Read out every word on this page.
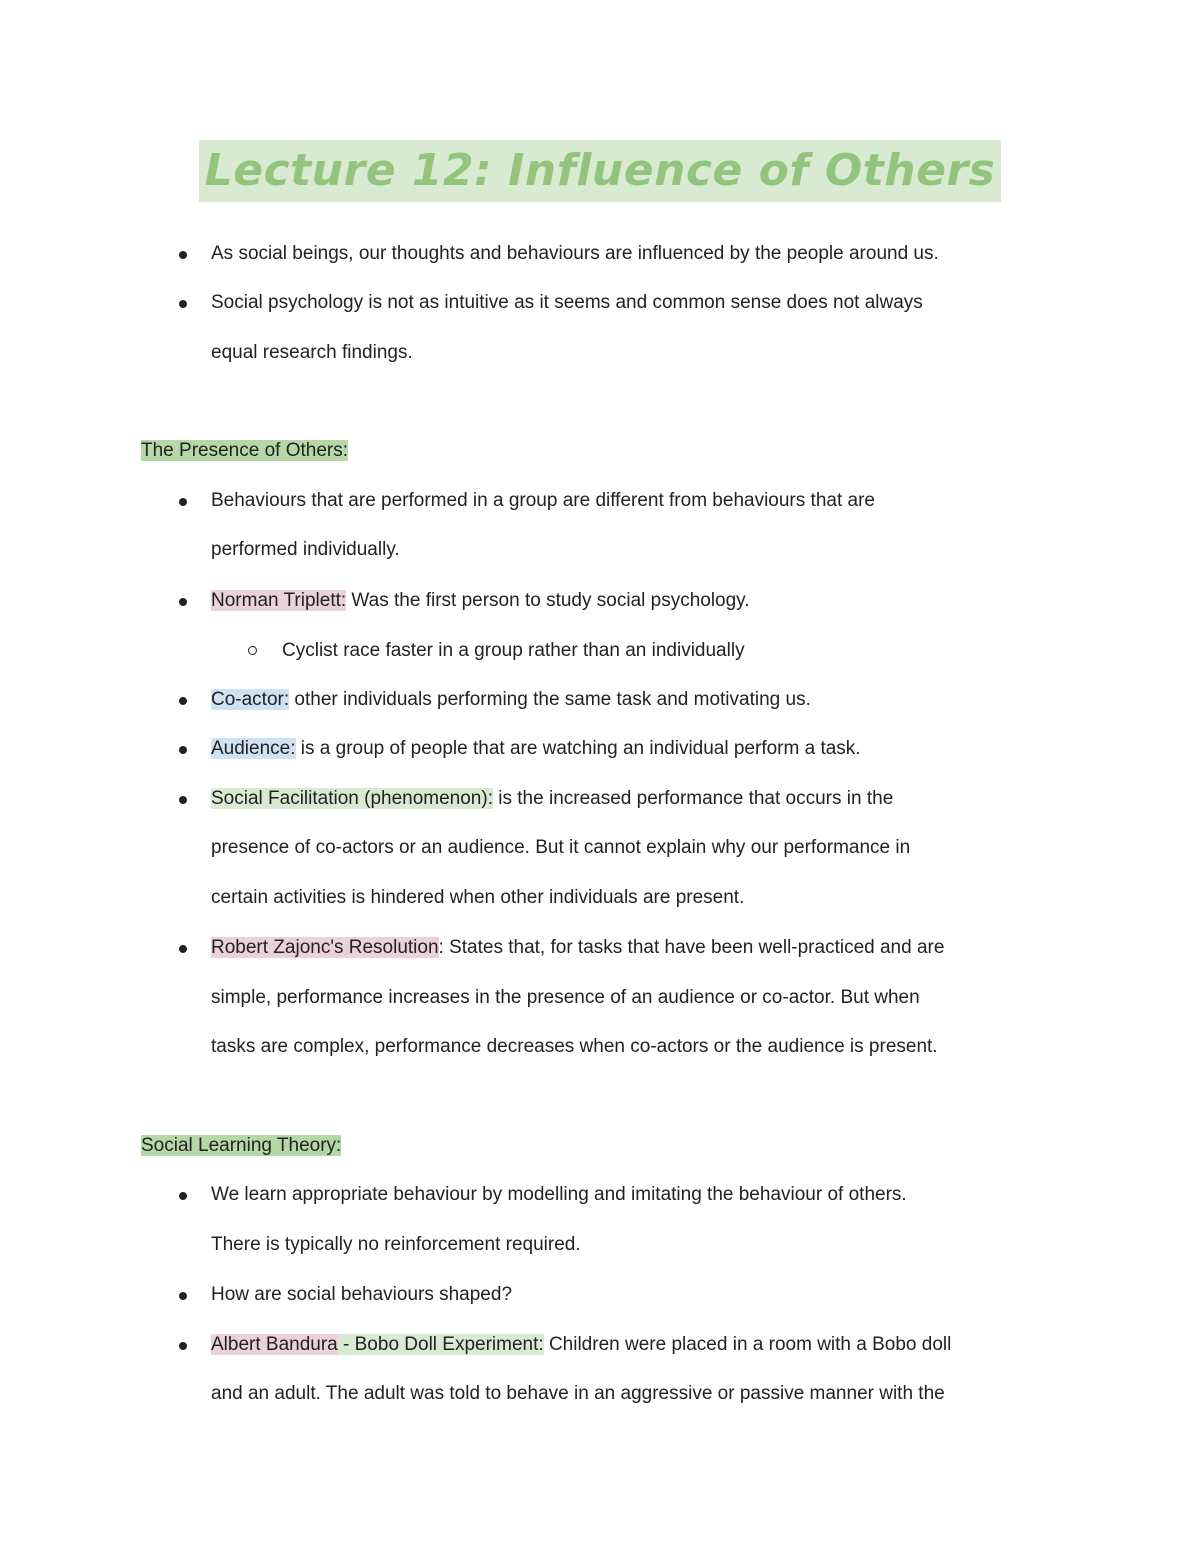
Lecture 12: Influence of Others
As social beings, our thoughts and behaviours are influenced by the people around us.
Social psychology is not as intuitive as it seems and common sense does not always
equal research findings.
The Presence of Others:
Behaviours that are performed in a group are different from behaviours that are
performed individually.
Norman Triplett: Was the first person to study social psychology.
Cyclist race faster in a group rather than an individually
Co-actor: other individuals performing the same task and motivating us.
Audience: is a group of people that are watching an individual perform a task.
Social Facilitation (phenomenon): is the increased performance that occurs in the
presence of co-actors or an audience. But it cannot explain why our performance in
certain activities is hindered when other individuals are present.
Robert Zajonc's Resolution: States that, for tasks that have been well-practiced and are
simple, performance increases in the presence of an audience or co-actor. But when
tasks are complex, performance decreases when co-actors or the audience is present.
Social Learning Theory:
We learn appropriate behaviour by modelling and imitating the behaviour of others.
There is typically no reinforcement required.
How are social behaviours shaped?
Albert Bandura - Bobo Doll Experiment: Children were placed in a room with a Bobo doll
and an adult. The adult was told to behave in an aggressive or passive manner with the
